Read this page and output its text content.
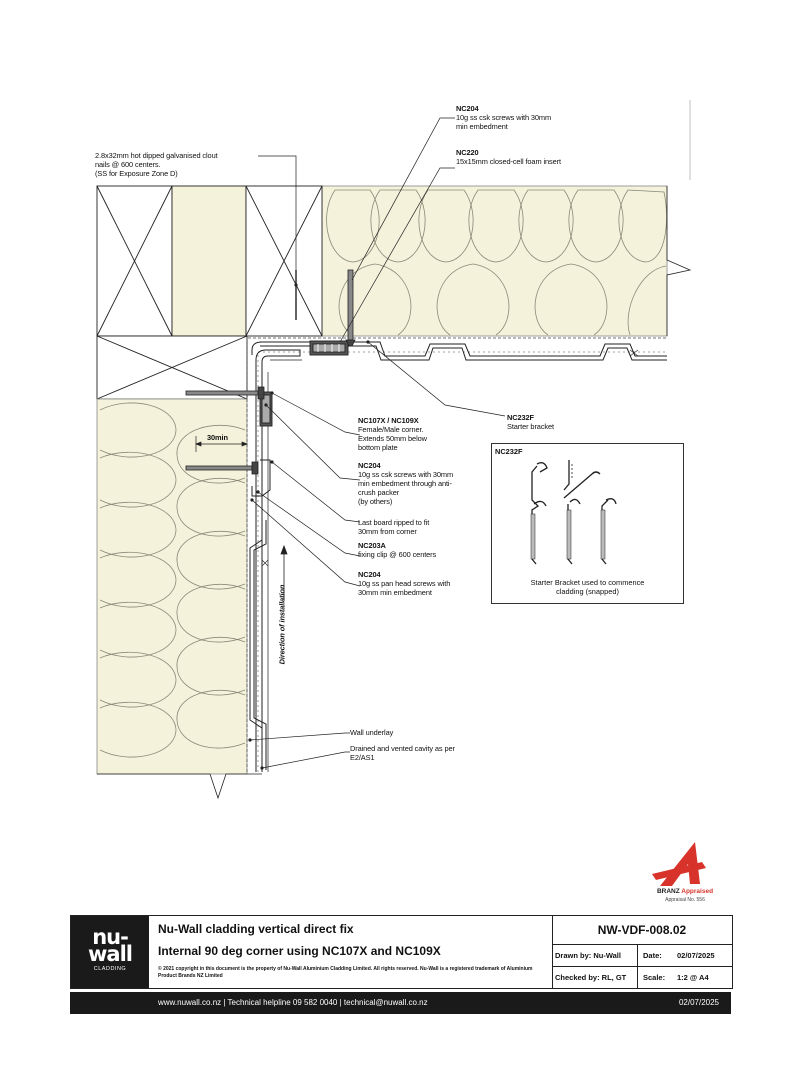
2.8x32mm hot dipped galvanised clout
nails @ 600 centers.
(SS for Exposure Zone D)
NC204
10g ss csk screws with 30mm
min embedment
NC220
15x15mm closed-cell foam insert
NC232F
Starter bracket
NC107X / NC109X
Female/Male corner.
Extends 50mm below
bottom plate
NC204
10g ss csk screws with 30mm
min embedment through anti-
crush packer
(by others)
Last board ripped to fit
30mm from corner
NC203A
fixing clip @ 600 centers
NC204
10g ss pan head screws with
30mm min embedment
Wall underlay
Drained and vented cavity as per
E2/AS1
30min
Direction of installation
NC232F
Starter Bracket used to commence
cladding (snapped)
BRANZ Appraised
Appraisal No. 556
nu-
wall
CLADDING
Nu-Wall cladding vertical direct fix
Internal 90 deg corner using NC107X and NC109X
© 2021 copyright in this document is the property of Nu-Wall Aluminium Cladding Limited. All rights reserved. Nu-Wall is a registered trademark of Aluminium Product Brands NZ Limited
NW-VDF-008.02
Drawn by: Nu-Wall	Date: 02/07/2025
Checked by: RL, GT Scale: 1:2 @ A4
www.nuwall.co.nz | Technical helpline 09 582 0040 | technical@nuwall.co.nz	02/07/2025
